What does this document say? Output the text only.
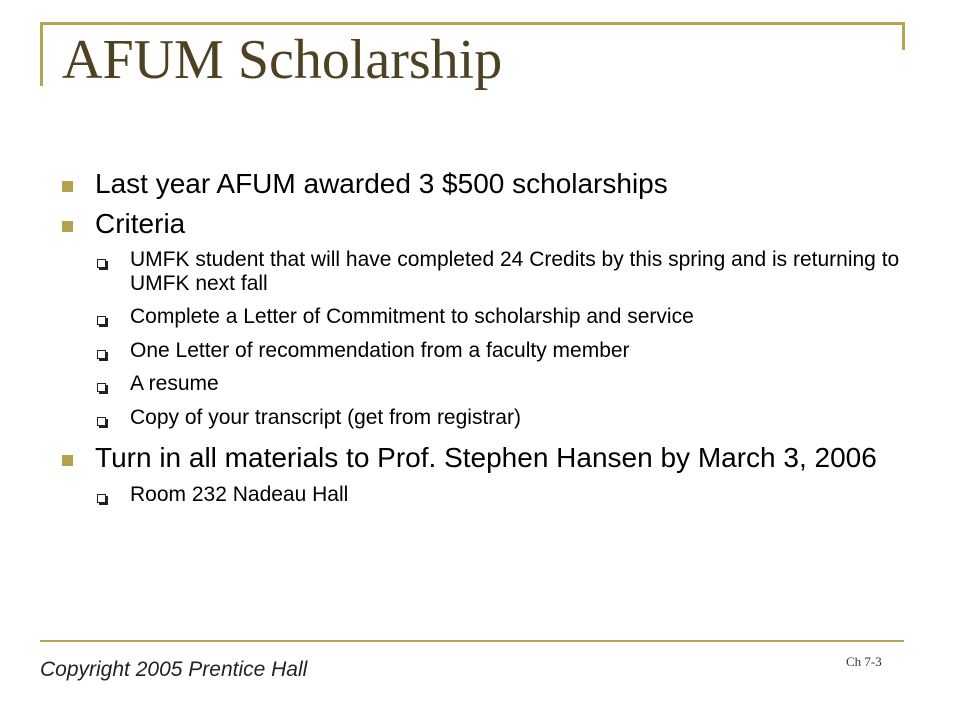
AFUM Scholarship
Last year AFUM awarded 3 $500 scholarships
Criteria
UMFK student that will have completed 24 Credits by this spring and is returning to UMFK next fall
Complete a Letter of Commitment to scholarship and service
One Letter of recommendation from a faculty member
A resume
Copy of your transcript (get from registrar)
Turn in all materials to Prof. Stephen Hansen by March 3, 2006
Room 232 Nadeau Hall
Copyright 2005 Prentice Hall	Ch 7-3
